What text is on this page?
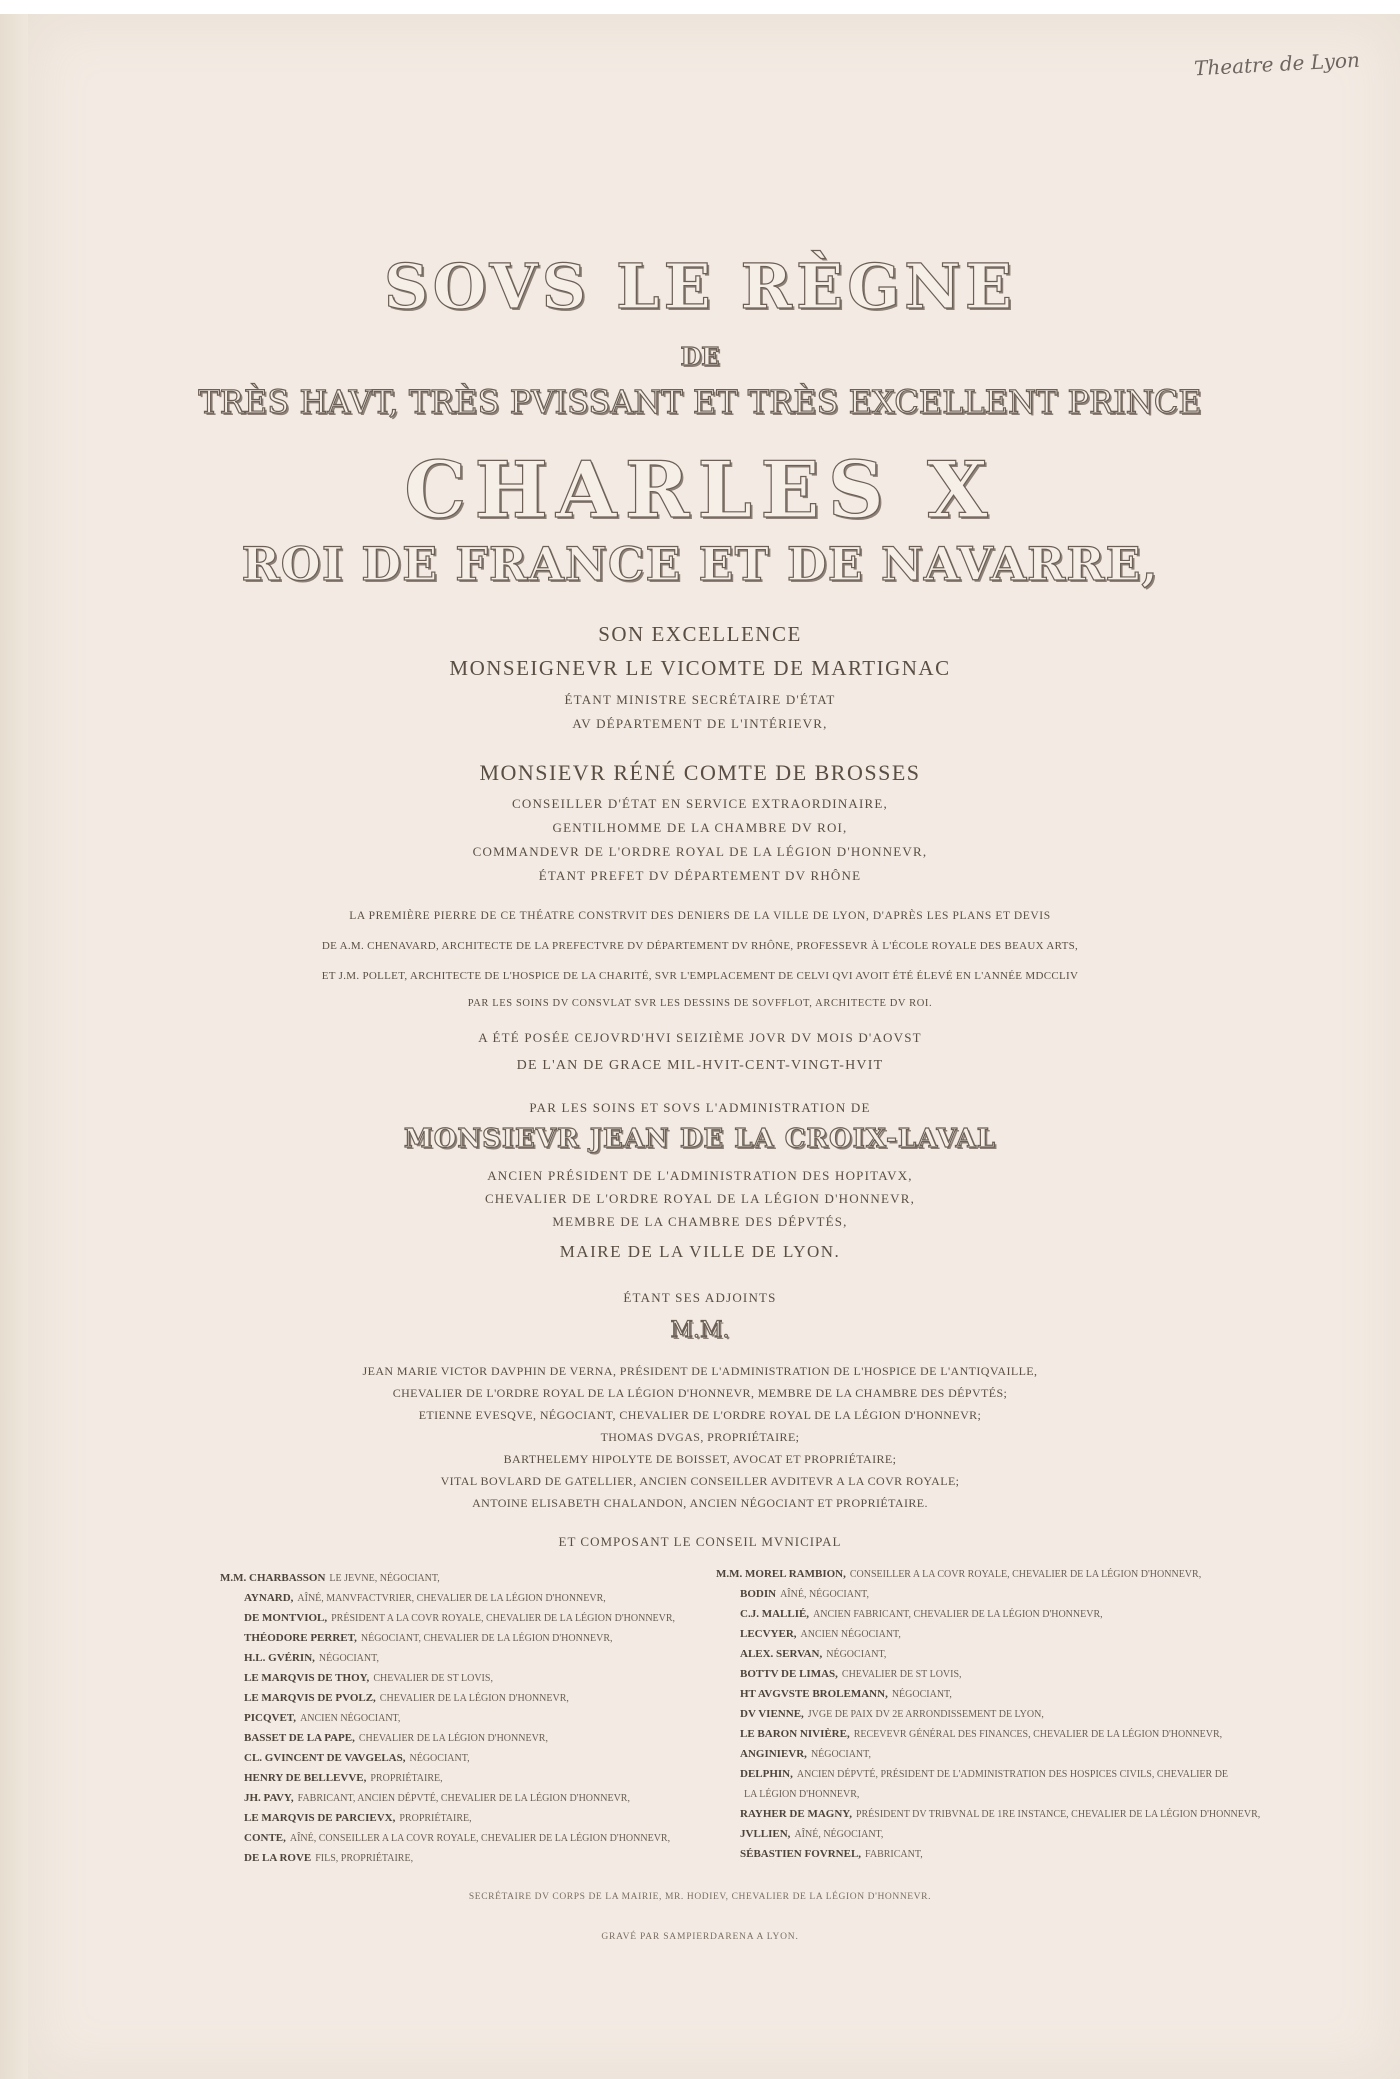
Theatre de Lyon
SOVS LE RÈGNE
DE
TRÈS HAVT, TRÈS PVISSANT ET TRÈS EXCELLENT PRINCE
CHARLES X
ROI DE FRANCE ET DE NAVARRE,
SON EXCELLENCE
MONSEIGNEVR LE VICOMTE DE MARTIGNAC
ÉTANT MINISTRE SECRÉTAIRE D'ÉTAT
AV DÉPARTEMENT DE L'INTÉRIEVR,
MONSIEVR RÉNÉ COMTE DE BROSSES
CONSEILLER D'ÉTAT EN SERVICE EXTRAORDINAIRE,
GENTILHOMME DE LA CHAMBRE DV ROI,
COMMANDEVR DE L'ORDRE ROYAL DE LA LÉGION D'HONNEVR,
ÉTANT PREFET DV DÉPARTEMENT DV RHÔNE
LA PREMIÈRE PIERRE DE CE THÉATRE CONSTRVIT DES DENIERS DE LA VILLE DE LYON, D'APRÈS LES PLANS ET DEVIS
DE A.M. CHENAVARD, ARCHITECTE DE LA PREFECTVRE DV DÉPARTEMENT DV RHÔNE, PROFESSEVR À L'ÉCOLE ROYALE DES BEAUX ARTS,
ET J.M. POLLET, ARCHITECTE DE L'HOSPICE DE LA CHARITÉ, SVR L'EMPLACEMENT DE CELVI QVI AVOIT ÉTÉ ÉLEVÉ EN L'ANNÉE MDCCLIV
PAR LES SOINS DV CONSVLAT SVR LES DESSINS DE SOVFFLOT, ARCHITECTE DV ROI.
A ÉTÉ POSÉE CEJOVRD'HVI SEIZIÈME JOVR DV MOIS D'AOVST
DE L'AN DE GRACE MIL-HVIT-CENT-VINGT-HVIT
PAR LES SOINS ET SOVS L'ADMINISTRATION DE
MONSIEVR JEAN DE LA CROIX-LAVAL
ANCIEN PRÉSIDENT DE L'ADMINISTRATION DES HOPITAVX,
CHEVALIER DE L'ORDRE ROYAL DE LA LÉGION D'HONNEVR,
MEMBRE DE LA CHAMBRE DES DÉPVTÉS,
MAIRE DE LA VILLE DE LYON.
ÉTANT SES ADJOINTS
M.M.
JEAN MARIE VICTOR DAVPHIN DE VERNA, PRÉSIDENT DE L'ADMINISTRATION DE L'HOSPICE DE L'ANTIQVAILLE,
CHEVALIER DE L'ORDRE ROYAL DE LA LÉGION D'HONNEVR, MEMBRE DE LA CHAMBRE DES DÉPVTÉS;
ETIENNE EVESQVE, NÉGOCIANT, CHEVALIER DE L'ORDRE ROYAL DE LA LÉGION D'HONNEVR;
THOMAS DVGAS, PROPRIÉTAIRE;
BARTHELEMY HIPOLYTE DE BOISSET, AVOCAT ET PROPRIÉTAIRE;
VITAL BOVLARD DE GATELLIER, ANCIEN CONSEILLER AVDITEVR A LA COVR ROYALE;
ANTOINE ELISABETH CHALANDON, ANCIEN NÉGOCIANT ET PROPRIÉTAIRE.
ET COMPOSANT LE CONSEIL MVNICIPAL
M.M. CHARBASSON LE JEVNE, NÉGOCIANT,
AYNARD, AÎNÉ, MANVFACTVRIER, CHEVALIER DE LA LÉGION D'HONNEVR,
DE MONTVIOL, PRÉSIDENT A LA COVR ROYALE, CHEVALIER DE LA LÉGION D'HONNEVR,
THÉODORE PERRET, NÉGOCIANT, CHEVALIER DE LA LÉGION D'HONNEVR,
H.L. GVÉRIN, NÉGOCIANT,
LE MARQVIS DE THOY, CHEVALIER DE ST LOVIS,
LE MARQVIS DE PVOLZ, CHEVALIER DE LA LÉGION D'HONNEVR,
PICQVET, ANCIEN NÉGOCIANT,
BASSET DE LA PAPE, CHEVALIER DE LA LÉGION D'HONNEVR,
CL. GVINCENT DE VAVGELAS, NÉGOCIANT,
HENRY DE BELLEVVE, PROPRIÉTAIRE,
JH. PAVY, FABRICANT, ANCIEN DÉPVTÉ, CHEVALIER DE LA LÉGION D'HONNEVR,
LE MARQVIS DE PARCIEVX, PROPRIÉTAIRE,
CONTE, AÎNÉ, CONSEILLER A LA COVR ROYALE, CHEVALIER DE LA LÉGION D'HONNEVR,
DE LA ROVE FILS, PROPRIÉTAIRE,
M.M. MOREL RAMBION, CONSEILLER A LA COVR ROYALE, CHEVALIER DE LA LÉGION D'HONNEVR,
BODIN AÎNÉ, NÉGOCIANT,
C.J. MALLIÉ, ANCIEN FABRICANT, CHEVALIER DE LA LÉGION D'HONNEVR,
LECVYER, ANCIEN NÉGOCIANT,
ALEX. SERVAN, NÉGOCIANT,
BOTTV DE LIMAS, CHEVALIER DE ST LOVIS,
HT AVGVSTE BROLEMANN, NÉGOCIANT,
DV VIENNE, JVGE DE PAIX DV 2E ARRONDISSEMENT DE LYON,
LE BARON NIVIÈRE, RECEVEVR GÉNÉRAL DES FINANCES, CHEVALIER DE LA LÉGION D'HONNEVR,
ANGINIEVR, NÉGOCIANT,
DELPHIN, ANCIEN DÉPVTÉ, PRÉSIDENT DE L'ADMINISTRATION DES HOSPICES CIVILS, CHEVALIER DE
LA LÉGION D'HONNEVR,
RAYHER DE MAGNY, PRÉSIDENT DV TRIBVNAL DE 1RE INSTANCE, CHEVALIER DE LA LÉGION D'HONNEVR,
JVLLIEN, AÎNÉ, NÉGOCIANT,
SÉBASTIEN FOVRNEL, FABRICANT,
SECRÉTAIRE DV CORPS DE LA MAIRIE, MR. HODIEV, CHEVALIER DE LA LÉGION D'HONNEVR.
GRAVÉ PAR SAMPIERDARENA A LYON.
